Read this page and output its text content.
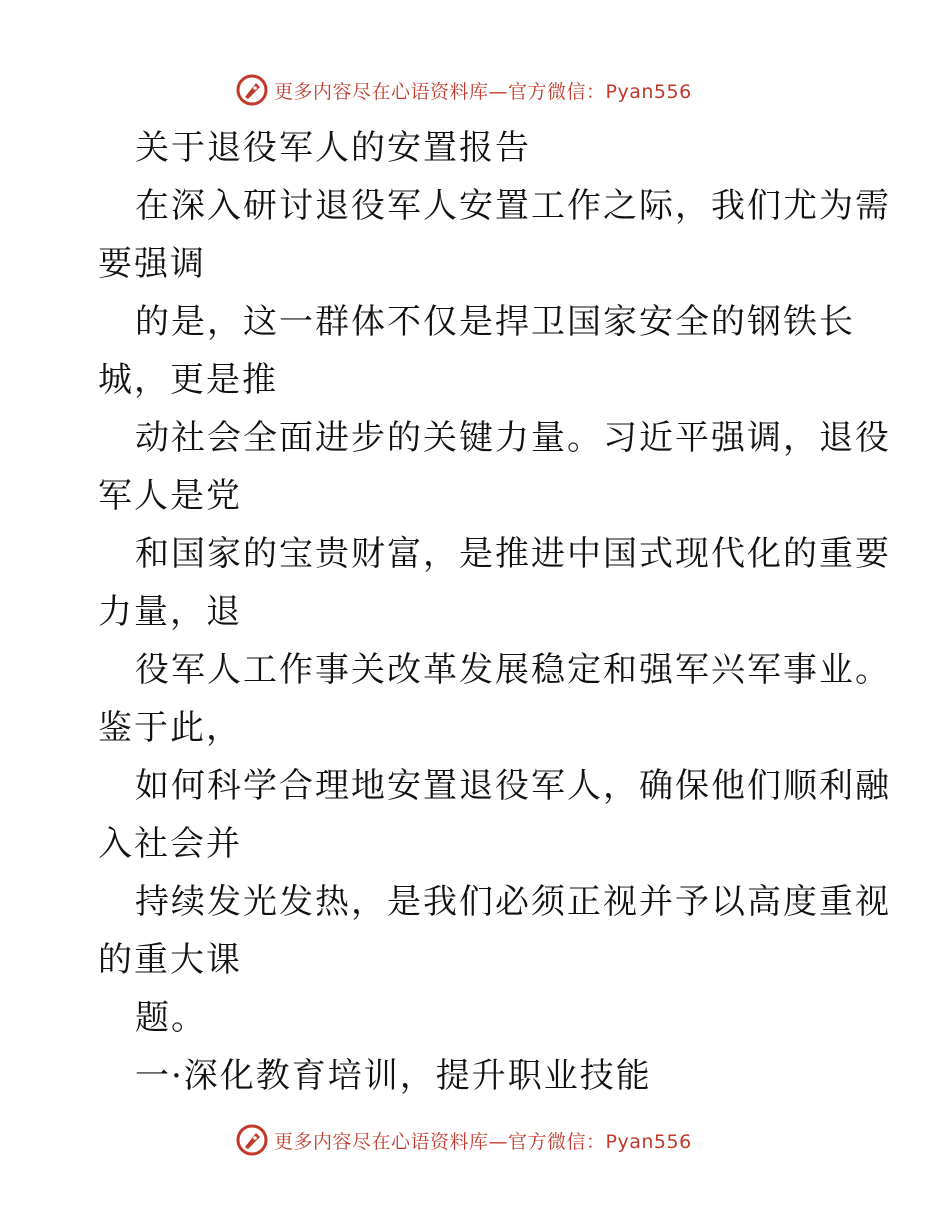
更多内容尽在心语资料库—官方微信：Pyan556
关于退役军人的安置报告
在深入研讨退役军人安置工作之际，我们尤为需
要强调
的是，这一群体不仅是捍卫国家安全的钢铁长
城，更是推
动社会全面进步的关键力量。习近平强调，退役
军人是党
和国家的宝贵财富，是推进中国式现代化的重要
力量，退
役军人工作事关改革发展稳定和强军兴军事业。
鉴于此，
如何科学合理地安置退役军人，确保他们顺利融
入社会并
持续发光发热，是我们必须正视并予以高度重视
的重大课
题。
一·深化教育培训，提升职业技能
更多内容尽在心语资料库—官方微信：Pyan556
